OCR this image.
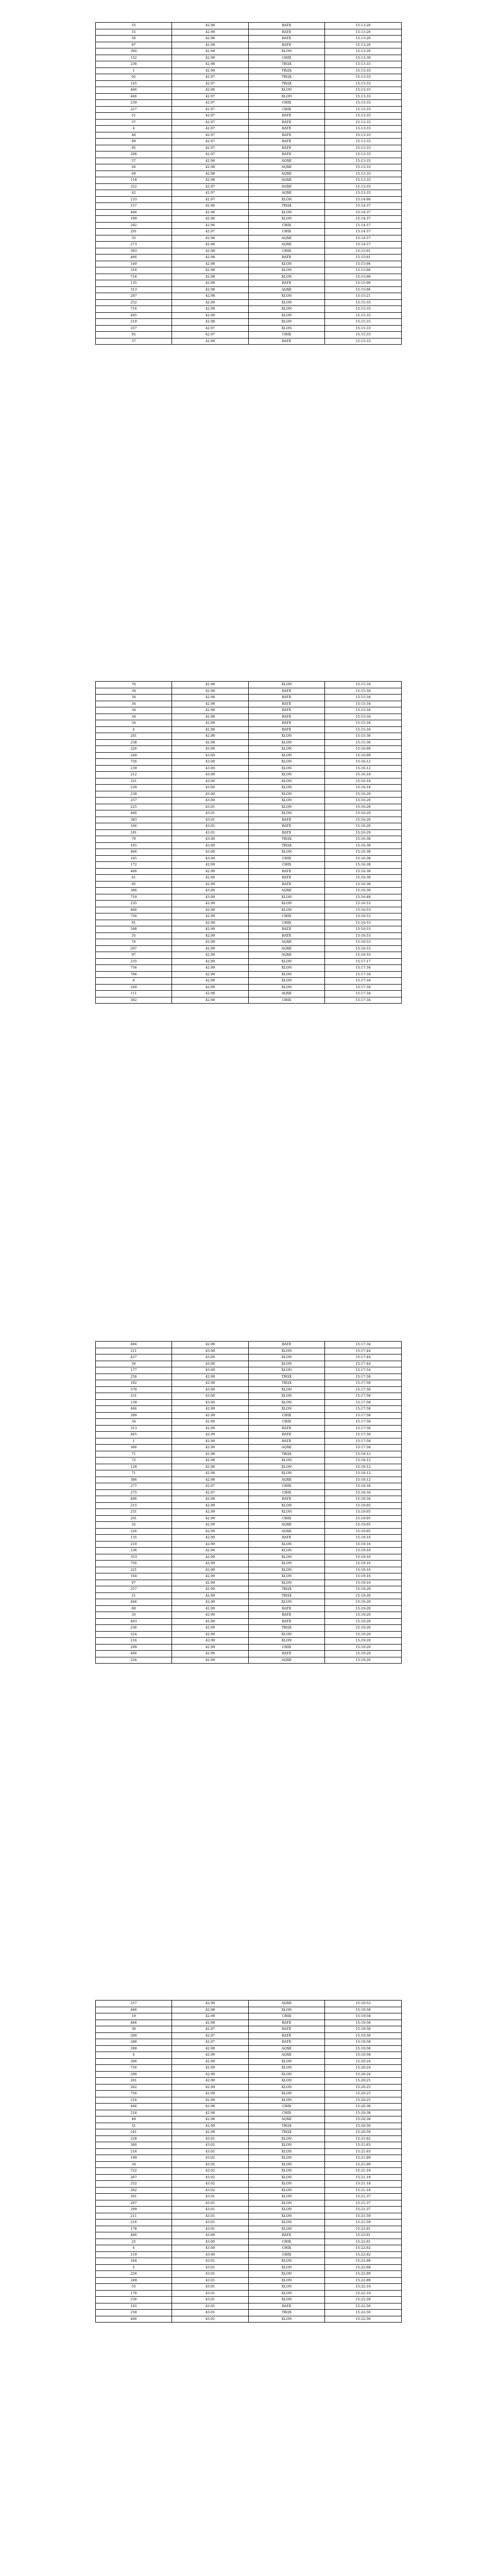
55	42.98	BATE	15:13:26
55	42.98	BATE	15:13:26
56	42.98	BATE	15:13:26
97	42.98	BATE	15:13:26
304	42.98	XLON	15:13:26
152	42.98	CHIX	15:13:30
236	42.98	TRQX	15:13:33
1	42.99	TRQX	15:13:33
92	42.97	TRQX	15:13:33
145	42.97	TRQX	15:13:33
466	42.96	XLON	15:13:33
466	42.97	XLON	15:13:33
239	42.97	CHIX	15:13:33
227	42.97	CHIX	15:13:33
51	42.97	BATE	15:13:33
37	42.97	BATE	15:13:33
4	42.97	BATE	15:13:33
46	42.97	BATE	15:13:33
89	42.97	BATE	15:13:33
95	42.97	BATE	15:13:33
208	42.97	BATE	15:13:33
57	42.96	AQXE	15:13:33
26	42.98	AQXE	15:13:33
69	42.98	AQXE	15:13:33
118	42.98	AQXE	15:13:33
322	42.97	AQXE	15:13:33
42	42.97	AQXE	15:13:33
233	42.97	XLON	15:14:00
157	42.96	TRQX	15:14:37
466	42.96	XLON	15:14:37
189	42.96	XLON	15:14:37
292	42.96	CHIX	15:14:57
291	42.97	CHIX	15:14:57
35	42.98	AQXE	15:14:57
273	42.98	AQXE	15:14:57
393	42.98	CHIX	15:15:01
466	42.98	BATE	15:15:01
149	42.98	XLON	15:15:06
316	42.98	XLON	15:15:06
716	42.98	XLON	15:15:06
135	42.98	BATE	15:15:06
313	42.98	AQXE	15:15:06
207	42.98	XLON	15:15:21
252	42.99	XLON	15:15:33
716	42.99	XLON	15:15:33
405	42.99	XLON	15:15:33
219	42.98	XLON	15:15:33
337	42.97	XLON	15:15:33
92	42.97	CHIX	15:15:33
37	42.98	BATE	15:15:33
76	42.98	XLON	15:15:34
34	42.98	BATE	15:15:34
34	42.98	BATE	15:15:34
34	42.98	BATE	15:15:34
34	42.98	BATE	15:15:34
34	42.98	BATE	15:15:34
34	42.98	BATE	15:15:34
4	42.98	BATE	15:15:34
201	42.98	XLON	15:15:36
238	42.98	XLON	15:15:36
226	43.00	XLON	15:16:09
249	43.00	XLON	15:16:09
756	43.00	XLON	15:16:12
239	43.00	XLON	15:16:12
212	43.00	XLON	15:16:18
321	43.00	XLON	15:16:18
239	43.00	XLON	15:16:18
230	43.00	XLON	15:16:20
257	43.00	XLON	15:16:20
225	43.01	XLON	15:16:20
466	43.01	XLON	15:16:20
383	43.01	BATE	15:16:20
166	43.01	BATE	15:16:20
191	43.01	BATE	15:16:29
70	43.00	TRQX	15:16:38
165	43.00	TRQX	15:16:38
466	43.00	XLON	15:16:38
165	43.00	CHIX	15:16:38
172	42.99	CHIX	15:16:38
466	42.99	BATE	15:16:38
61	42.99	BATE	15:16:38
95	42.99	BATE	15:16:38
386	43.00	AQXE	15:16:38
719	43.00	XLON	15:16:48
235	42.99	XLON	15:16:53
466	42.99	XLON	15:16:53
756	42.99	CHIX	15:16:53
91	42.99	CHIX	15:16:53
508	42.99	BATE	15:16:53
35	42.99	BATE	15:16:53
76	42.99	AQXE	15:16:53
207	42.99	AQXE	15:16:53
97	42.99	AQXE	15:16:53
235	42.99	XLON	15:17:17
756	42.99	XLON	15:17:34
766	42.99	XLON	15:17:34
4	42.99	XLON	15:17:34
249	42.99	XLON	15:17:34
111	42.98	AQXE	15:17:34
302	42.98	CHIX	15:17:34
466	42.98	BATE	15:17:34
211	43.00	XLON	15:17:44
427	43.00	XLON	15:17:44
56	43.00	XLON	15:17:44
177	43.00	XLON	15:17:54
256	42.99	TRQX	15:17:58
182	42.98	TRQX	15:17:58
570	43.00	XLON	15:17:58
231	43.00	XLON	15:17:58
139	43.00	XLON	15:17:58
466	42.99	XLON	15:17:58
399	42.99	CHIX	15:17:58
34	42.99	CHIX	15:17:58
313	42.99	BATE	15:17:58
465	42.99	BATE	15:17:58
1	42.99	BATE	15:17:58
366	42.99	AQXE	15:17:58
71	42.98	TRQX	15:18:12
72	42.98	XLON	15:18:12
128	42.98	XLON	15:18:12
71	42.98	XLON	15:18:12
386	42.98	AQXE	15:18:12
277	42.97	CHIX	15:18:34
275	42.97	CHIX	15:18:34
466	42.98	BATE	15:18:34
215	42.99	XLON	15:19:05
251	42.99	XLON	15:19:05
201	42.99	CHIX	15:19:05
32	42.99	AQXE	15:19:05
226	42.99	AQXE	15:19:05
135	42.99	BATE	15:19:16
210	42.99	XLON	15:19:16
236	42.99	XLON	15:19:16
353	42.99	XLON	15:19:16
756	42.99	XLON	15:19:16
221	42.99	XLON	15:19:16
164	42.99	XLON	15:19:16
97	42.99	XLON	15:19:16
257	42.99	TRQX	15:19:20
21	42.99	TRQX	15:19:20
466	42.99	XLON	15:19:20
60	42.99	BATE	15:19:20
35	42.99	BATE	15:19:20
403	42.99	BATE	15:19:20
236	42.99	TRQX	15:19:20
224	42.99	XLON	15:19:20
216	42.99	XLON	15:19:20
299	42.99	CHIX	15:19:20
466	42.99	BATE	15:19:20
256	42.99	AQXE	15:19:20
257	42.99	AQXE	15:19:52
466	42.98	XLON	15:19:58
19	42.99	CHIX	15:19:58
466	42.98	BATE	15:19:58
30	42.97	BATE	15:19:58
200	42.97	BATE	15:19:58
288	42.97	BATE	15:19:58
288	42.98	AQXE	15:19:58
4	42.99	AQXE	15:19:58
286	42.99	XLON	15:20:24
756	42.99	XLON	15:20:24
290	42.99	XLON	15:20:24
261	42.99	XLON	15:20:25
262	42.99	XLON	15:20:25
756	42.99	XLON	15:20:25
216	42.99	XLON	15:20:25
466	42.98	CHIX	15:20:38
218	42.98	CHIX	15:20:38
49	42.98	AQXE	15:20:38
31	42.99	TRQX	15:20:50
241	42.99	TRQX	15:20:50
228	43.01	XLON	15:21:02
360	43.01	XLON	15:21:03
216	43.01	XLON	15:21:03
199	43.02	XLON	15:21:09
34	43.02	XLON	15:21:09
722	43.02	XLON	15:21:18
267	43.02	XLON	15:21:18
252	43.02	XLON	15:21:18
262	43.02	XLON	15:21:18
201	43.01	XLON	15:21:37
207	43.01	XLON	15:21:37
299	43.01	XLON	15:21:37
211	43.01	XLON	15:21:59
216	43.01	XLON	15:21:59
178	43.01	XLON	15:22:01
466	43.00	BATE	15:22:01
25	43.00	CHIX	15:22:01
4	43.00	CHIX	15:22:02
119	43.00	CHIX	15:22:02
164	43.01	XLON	15:22:08
5	43.01	XLON	15:22:08
226	43.01	XLON	15:22:09
249	43.01	XLON	15:22:09
55	43.01	XLON	15:22:10
178	43.01	XLON	15:22:10
236	43.01	XLON	15:22:28
145	43.01	BATE	15:22:56
258	43.01	TRQX	15:22:56
466	43.01	XLON	15:22:56
